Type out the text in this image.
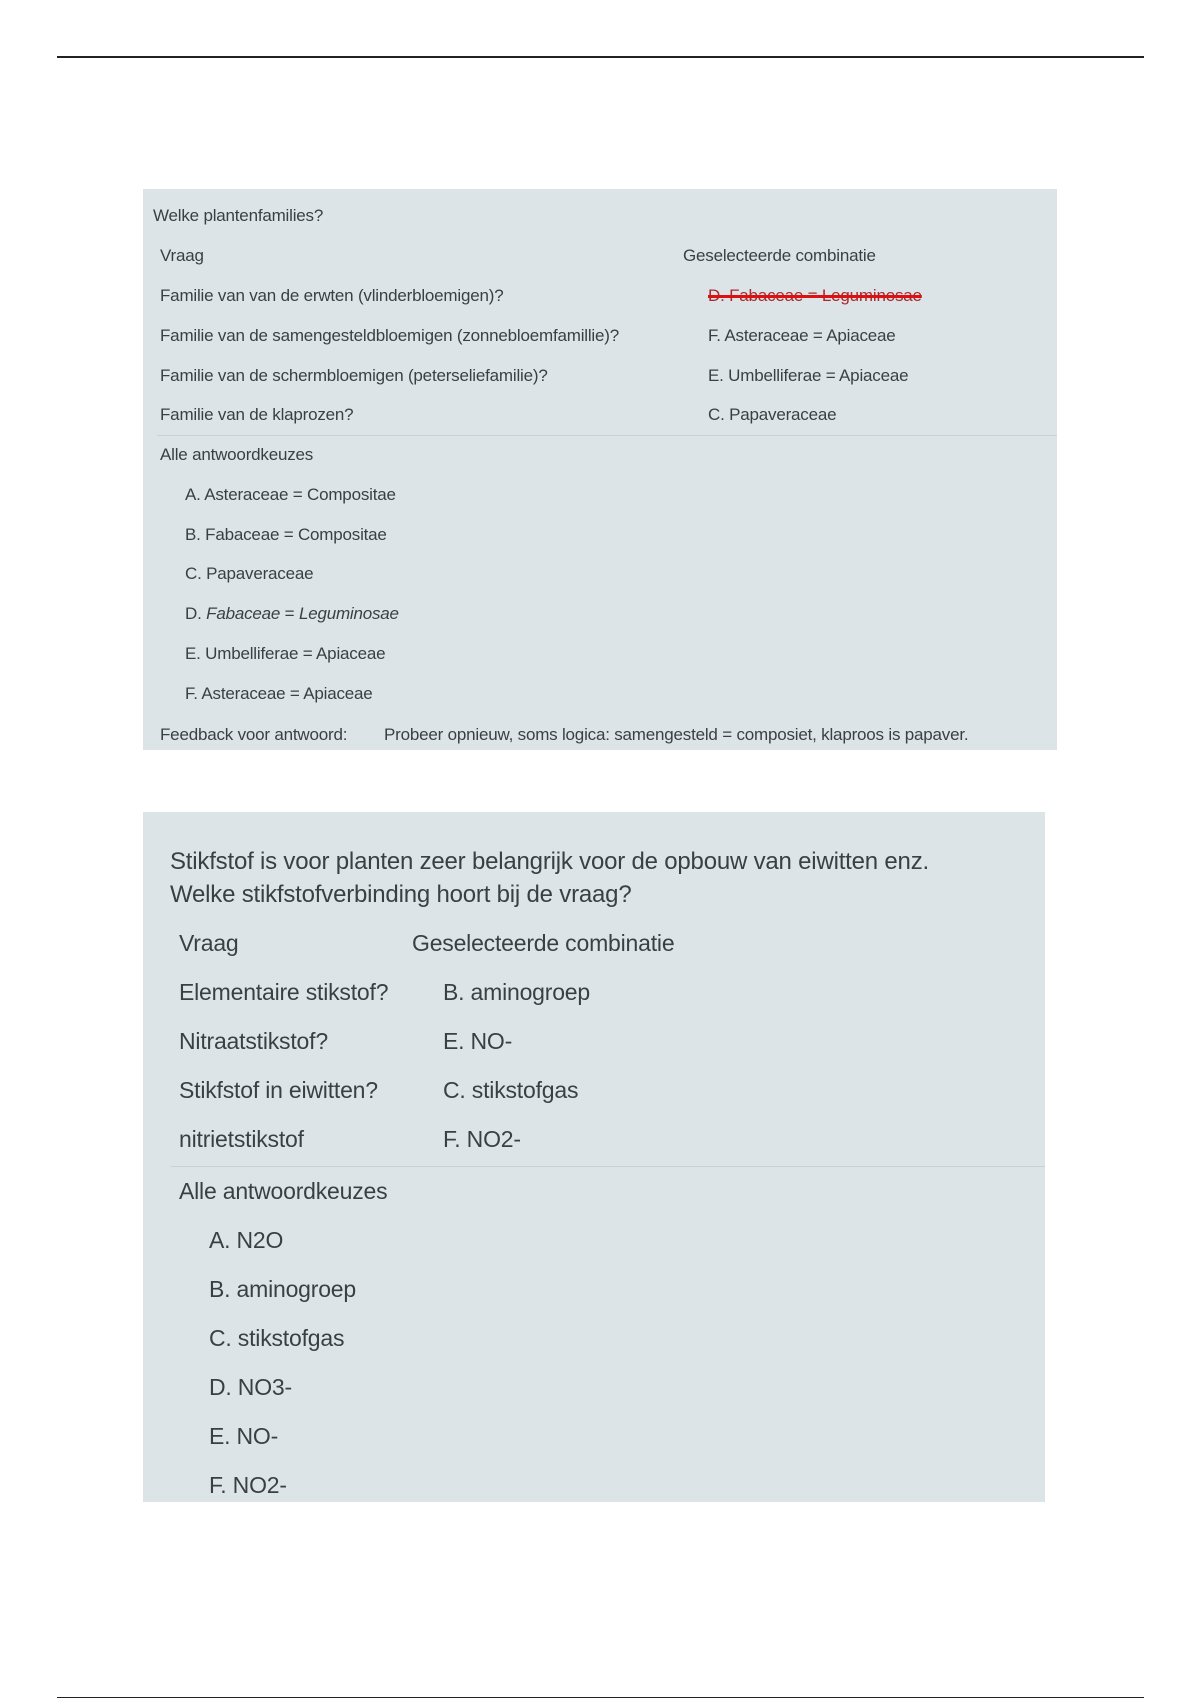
Welke plantenfamilies?
Vraag	Geselecteerde combinatie
Familie van van de erwten (vlinderbloemigen)?	D. Fabaceae = Leguminosae
Familie van de samengesteldbloemigen (zonnebloemfamillie)?	F. Asteraceae = Apiaceae
Familie van de schermbloemigen (peterseliefamilie)?	E. Umbelliferae = Apiaceae
Familie van de klaprozen?	C. Papaveraceae
Alle antwoordkeuzes
A. Asteraceae = Compositae
B. Fabaceae = Compositae
C. Papaveraceae
D. Fabaceae = Leguminosae
E. Umbelliferae = Apiaceae
F. Asteraceae = Apiaceae
Feedback voor antwoord: Probeer opnieuw, soms logica: samengesteld = composiet, klaproos is papaver.
Stikfstof is voor planten zeer belangrijk voor de opbouw van eiwitten enz.
Welke stikfstofverbinding hoort bij de vraag?
Vraag	Geselecteerde combinatie
Elementaire stikstof? B. aminogroep
Nitraatstikstof?	E. NO-
Stikfstof in eiwitten?	C. stikstofgas
nitrietstikstof	F. NO2-
Alle antwoordkeuzes
A. N2O
B. aminogroep
C. stikstofgas
D. NO3-
E. NO-
F. NO2-
